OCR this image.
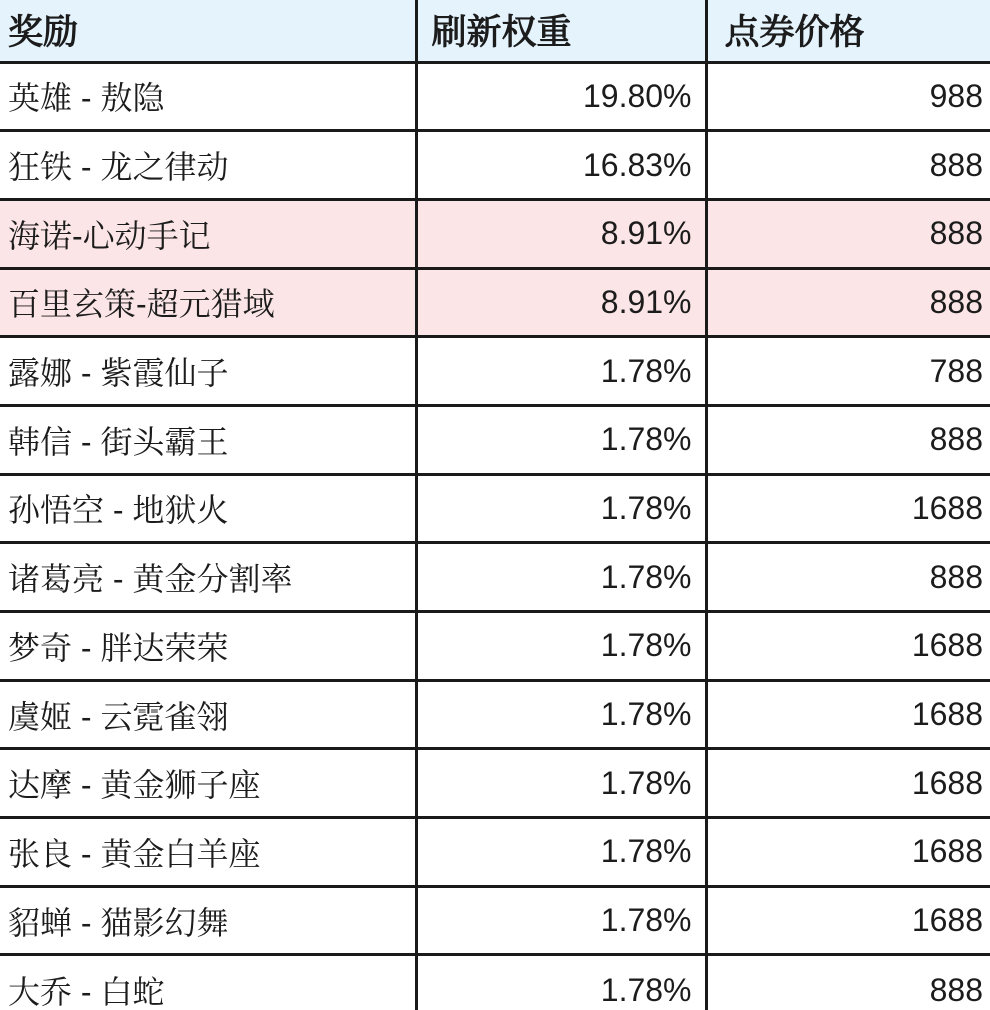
奖励	刷新权重	点券价格
英雄 - 敖隐	19.80%	988
狂铁 - 龙之律动	16.83%	888
海诺-心动手记	8.91%	888
百里玄策-超元猎域	8.91%	888
露娜 - 紫霞仙子	1.78%	788
韩信 - 街头霸王	1.78%	888
孙悟空 - 地狱火	1.78%	1688
诸葛亮 - 黄金分割率	1.78%	888
梦奇 - 胖达荣荣	1.78%	1688
虞姬 - 云霓雀翎	1.78%	1688
达摩 - 黄金狮子座	1.78%	1688
张良 - 黄金白羊座	1.78%	1688
貂蝉 - 猫影幻舞	1.78%	1688
大乔 - 白蛇	1.78%	888
